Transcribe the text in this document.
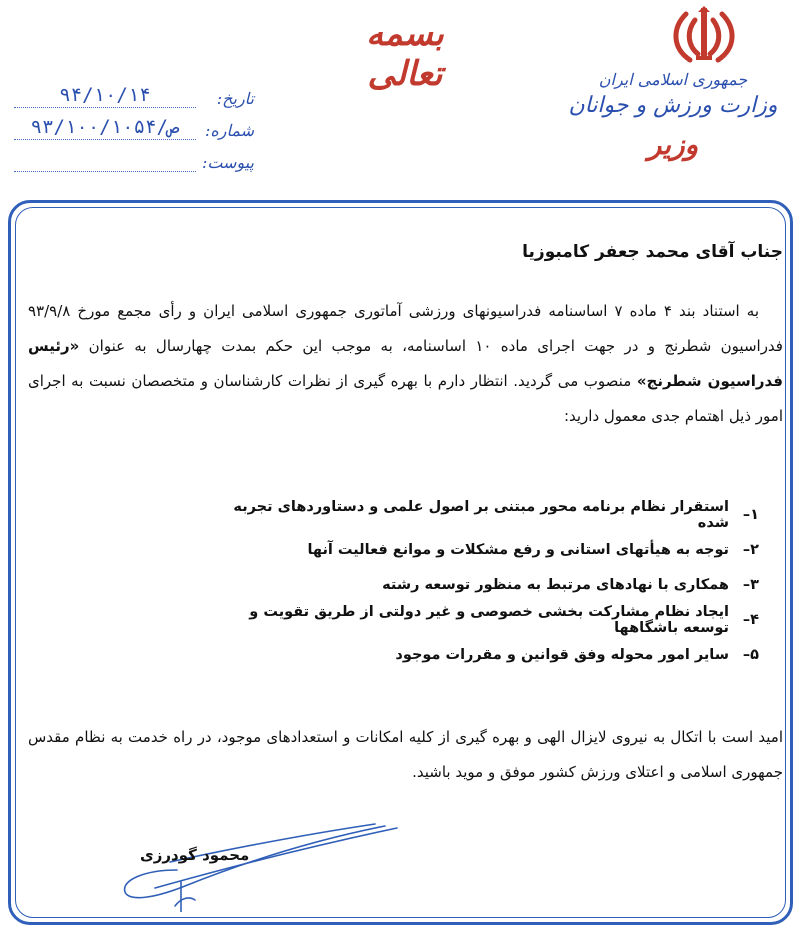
جمهوری اسلامی ایران
وزارت ورزش و جوانان
وزیر
بسمه تعالی
تاریخ:
۹۴/۱۰/۱۴
شماره:
۹۳/ص/۱۰۰/۱۰۵۴
پیوست:
جناب آقای محمد جعفر کامبوزیا
به استناد بند ۴ ماده ۷ اساسنامه فدراسیونهای ورزشی آماتوری جمهوری اسلامی ایران و رأی مجمع مورخ ۹۳/۹/۸ فدراسیون شطرنج و در جهت اجرای ماده ۱۰ اساسنامه، به موجب این حکم بمدت چهارسال به عنوان «رئیس فدراسیون شطرنج» منصوب می گردید. انتظار دارم با بهره گیری از نظرات کارشناسان و متخصصان نسبت به اجرای امور ذیل اهتمام جدی معمول دارید:
۱–
استقرار نظام برنامه محور مبتنی بر اصول علمی و دستاوردهای تجربه شده
۲–
توجه به هیأتهای استانی و رفع مشکلات و موانع فعالیت آنها
۳–
همکاری با نهادهای مرتبط به منظور توسعه رشته
۴–
ایجاد نظام مشارکت بخشی خصوصی و غیر دولتی از طریق تقویت و توسعه باشگاهها
۵–
سایر امور محوله وفق قوانین و مقررات موجود
امید است با اتکال به نیروی لایزال الهی و بهره گیری از کلیه امکانات و استعدادهای موجود، در راه خدمت به نظام مقدس جمهوری اسلامی و اعتلای ورزش کشور موفق و موید باشید.
محمود گودرزی
